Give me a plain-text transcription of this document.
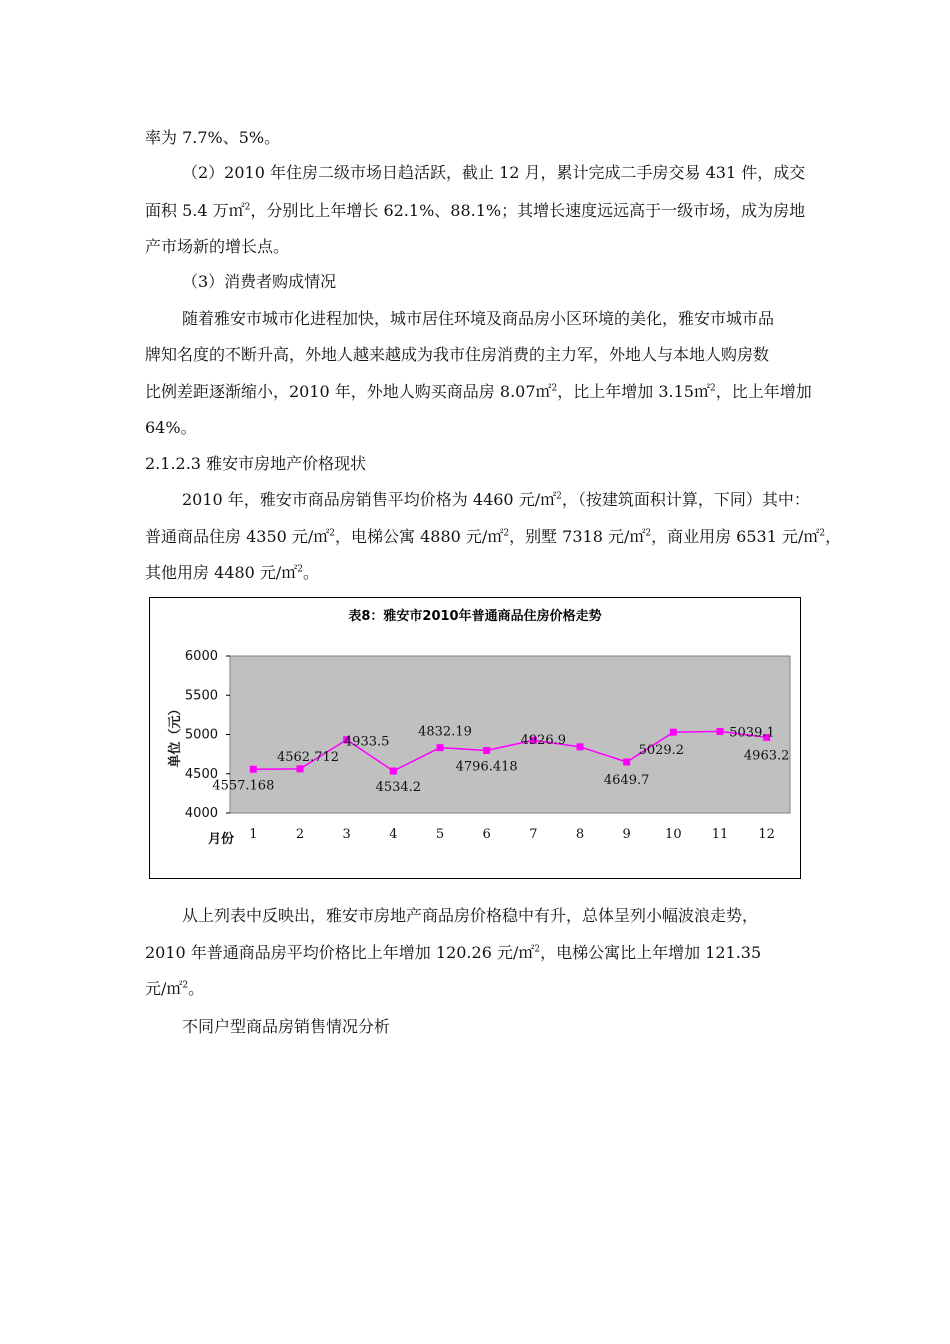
率为 7.7%、5%。
（2）2010 年住房二级市场日趋活跃，截止 12 月，累计完成二手房交易 431 件，成交
面积 5.4 万㎡$^2$，分别比上年增长 62.1%、88.1%；其增长速度远远高于一级市场，成为房地
产市场新的增长点。
（3）消费者购成情况
随着雅安市城市化进程加快，城市居住环境及商品房小区环境的美化，雅安市城市品
牌知名度的不断升高，外地人越来越成为我市住房消费的主力军，外地人与本地人购房数
比例差距逐渐缩小，2010 年，外地人购买商品房 8.07㎡$^2$，比上年增加 3.15㎡$^2$，比上年增加
64%。
2.1.2.3 雅安市房地产价格现状
2010 年，雅安市商品房销售平均价格为 4460 元/㎡$^2$，（按建筑面积计算，下同）其中：
普通商品住房 4350 元/㎡$^2$，电梯公寓 4880 元/㎡$^2$，别墅 7318 元/㎡$^2$，商业用房 6531 元/㎡$^2$，
其他用房 4480 元/㎡$^2$。
表8：雅安市2010年普通商品住房价格走势
4000
4500
5000
5500
6000
1	2	3	4	5	6	7	8	9	10 11 12
4557.168
4562.712
4933.5
4534.2
4832.19
4796.418
4926.9
4649.7
5029.2
5039.1
4963.2
单位（元）
月份
从上列表中反映出，雅安市房地产商品房价格稳中有升，总体呈列小幅波浪走势，
2010 年普通商品房平均价格比上年增加 120.26 元/㎡$^2$，电梯公寓比上年增加 121.35
元/㎡$^2$。
不同户型商品房销售情况分析
